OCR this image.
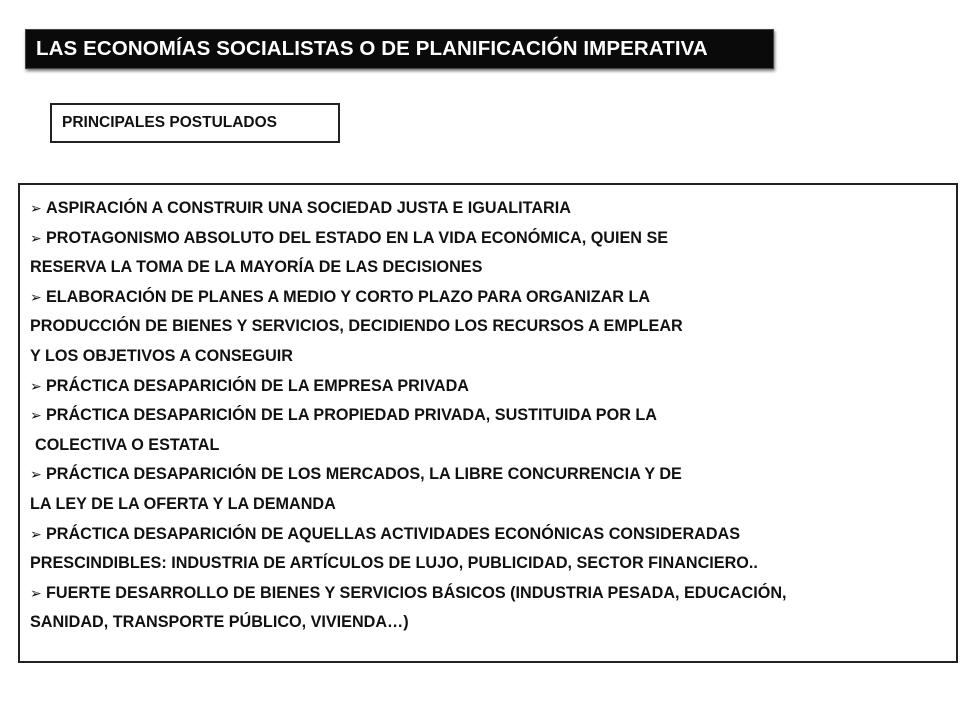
LAS ECONOMÍAS SOCIALISTAS O DE PLANIFICACIÓN IMPERATIVA
PRINCIPALES POSTULADOS
➢ ASPIRACIÓN A CONSTRUIR UNA SOCIEDAD JUSTA E IGUALITARIA
➢ PROTAGONISMO ABSOLUTO DEL ESTADO EN LA VIDA ECONÓMICA, QUIEN SE
RESERVA LA TOMA DE LA MAYORÍA DE LAS DECISIONES
➢ ELABORACIÓN DE PLANES A MEDIO Y CORTO PLAZO PARA ORGANIZAR LA
PRODUCCIÓN DE BIENES Y SERVICIOS, DECIDIENDO LOS RECURSOS A EMPLEAR
Y LOS OBJETIVOS A CONSEGUIR
➢ PRÁCTICA DESAPARICIÓN DE LA EMPRESA PRIVADA
➢ PRÁCTICA DESAPARICIÓN DE LA PROPIEDAD PRIVADA, SUSTITUIDA POR LA
COLECTIVA O ESTATAL
➢ PRÁCTICA DESAPARICIÓN DE LOS MERCADOS, LA LIBRE CONCURRENCIA Y DE
LA LEY DE LA OFERTA Y LA DEMANDA
➢ PRÁCTICA DESAPARICIÓN DE AQUELLAS ACTIVIDADES ECONÓNICAS CONSIDERADAS
PRESCINDIBLES: INDUSTRIA DE ARTÍCULOS DE LUJO, PUBLICIDAD, SECTOR FINANCIERO..
➢ FUERTE DESARROLLO DE BIENES Y SERVICIOS BÁSICOS (INDUSTRIA PESADA, EDUCACIÓN,
SANIDAD, TRANSPORTE PÚBLICO, VIVIENDA…)
